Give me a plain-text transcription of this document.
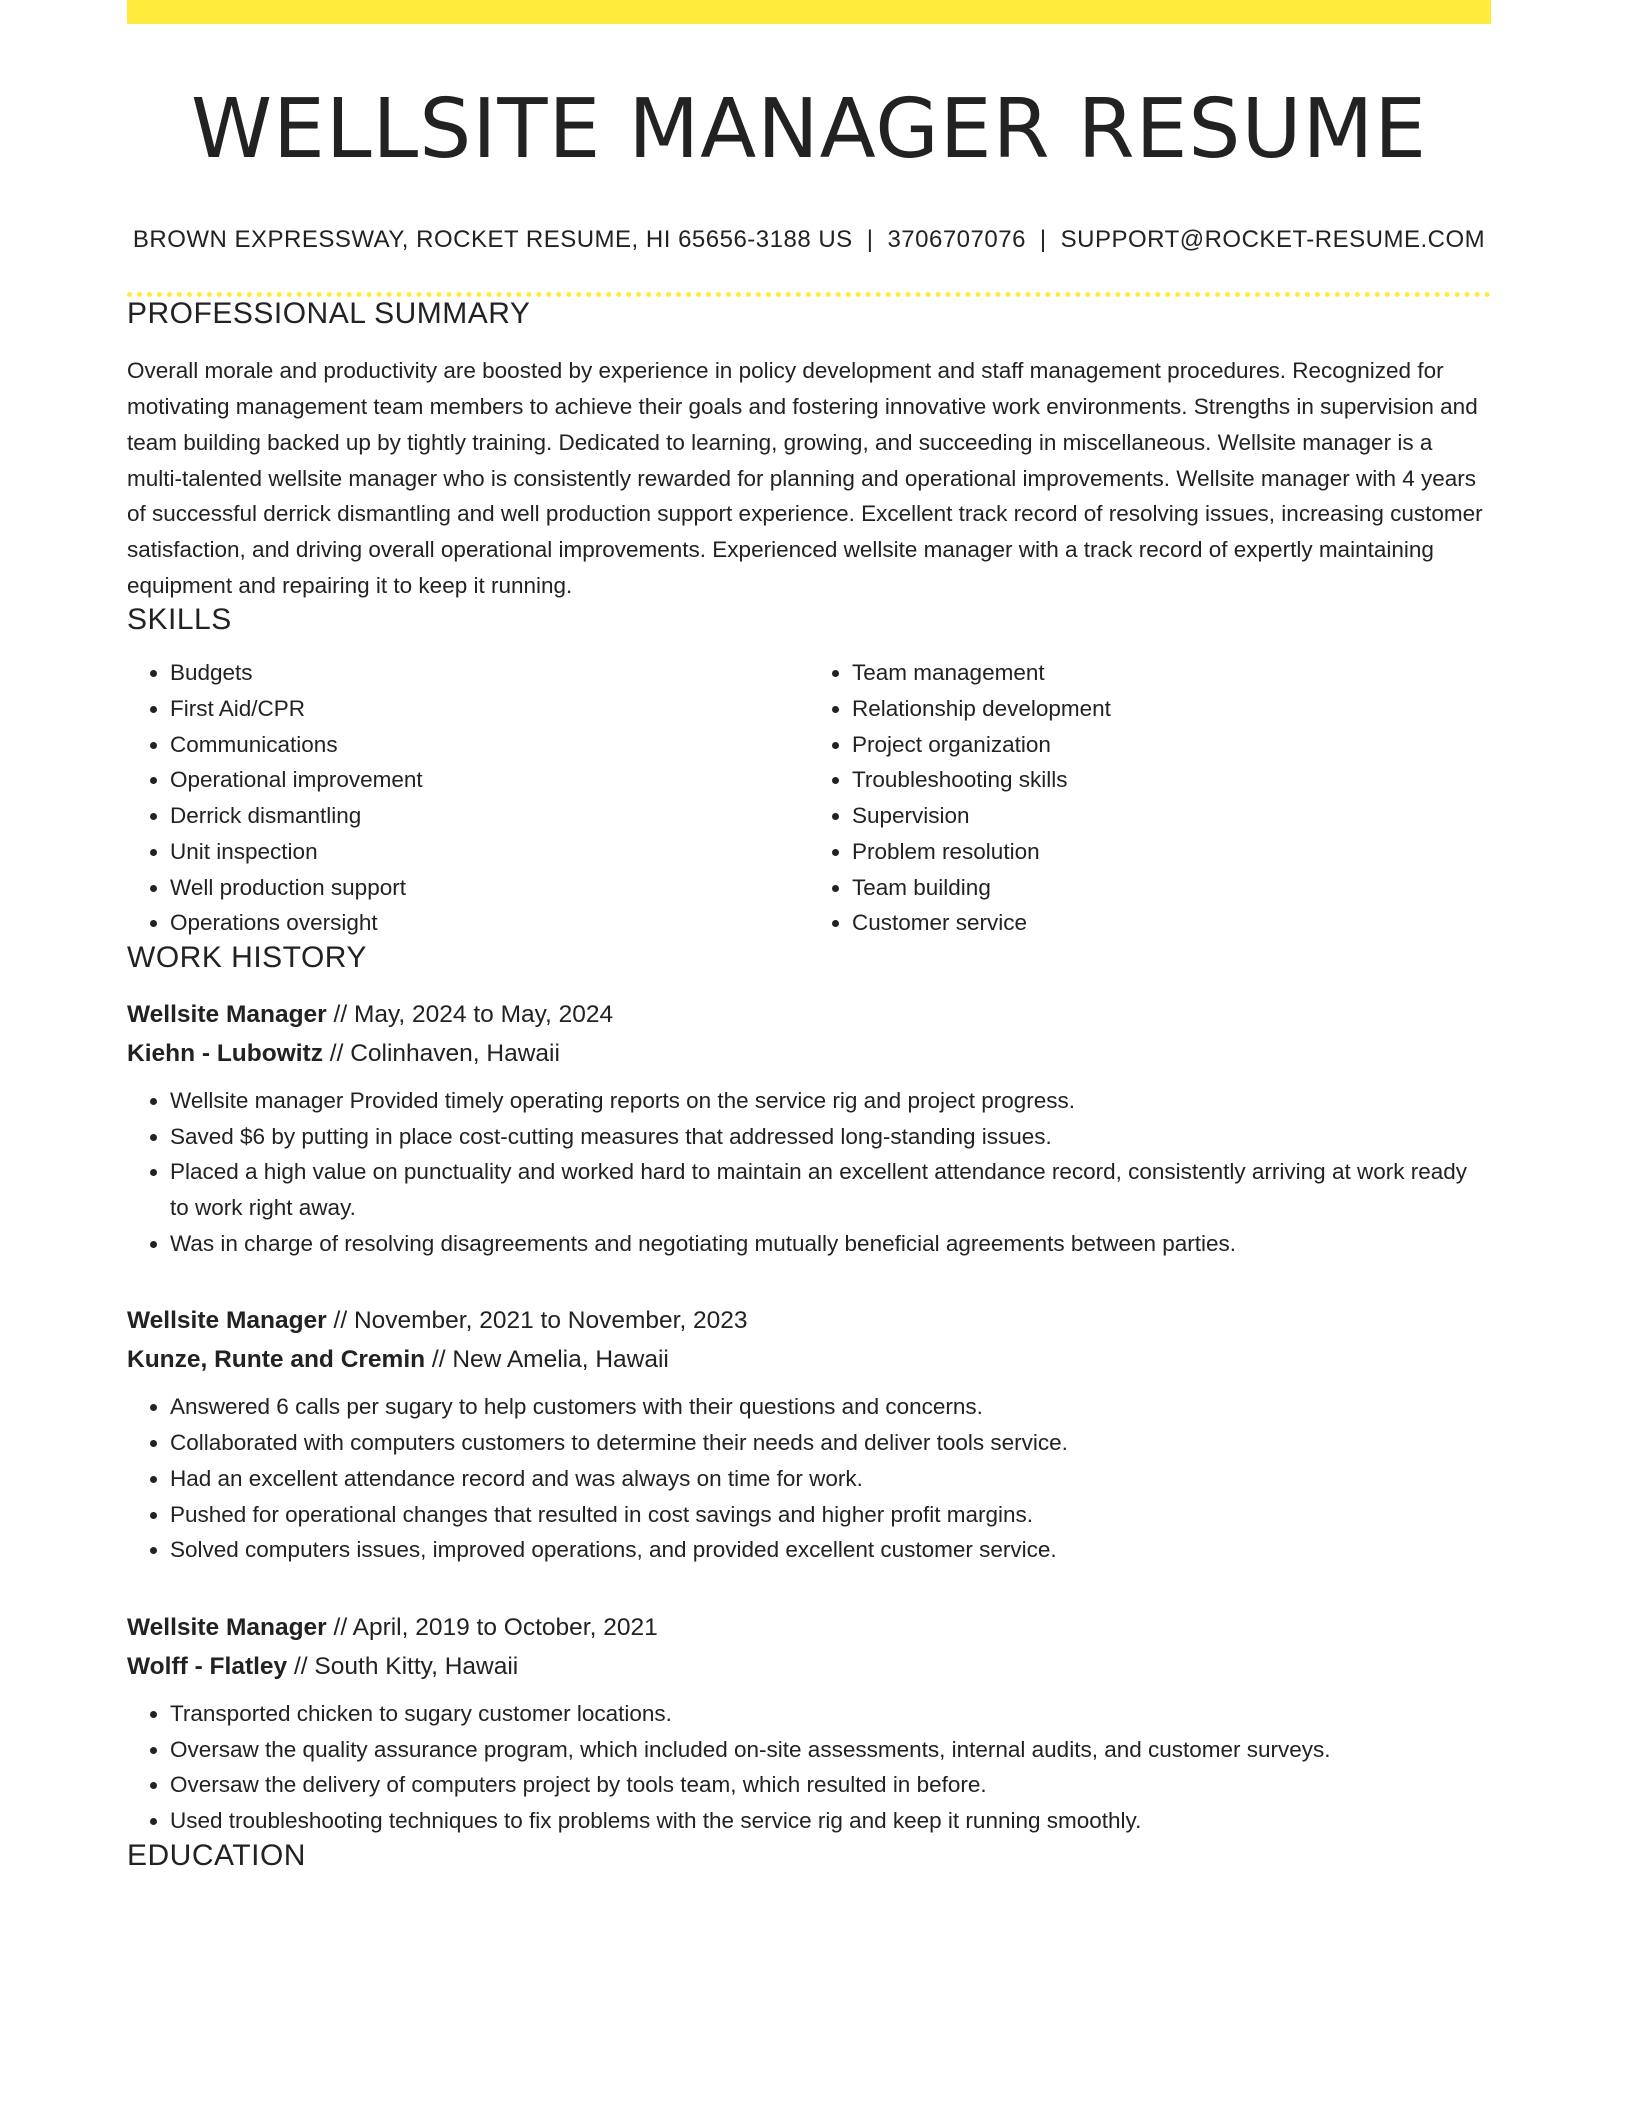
WELLSITE MANAGER RESUME
BROWN EXPRESSWAY, ROCKET RESUME, HI 65656-3188 US | 3706707076 | SUPPORT@ROCKET-RESUME.COM
PROFESSIONAL SUMMARY
Overall morale and productivity are boosted by experience in policy development and staff management procedures. Recognized for motivating management team members to achieve their goals and fostering innovative work environments. Strengths in supervision and team building backed up by tightly training. Dedicated to learning, growing, and succeeding in miscellaneous. Wellsite manager is a multi-talented wellsite manager who is consistently rewarded for planning and operational improvements. Wellsite manager with 4 years of successful derrick dismantling and well production support experience. Excellent track record of resolving issues, increasing customer satisfaction, and driving overall operational improvements. Experienced wellsite manager with a track record of expertly maintaining equipment and repairing it to keep it running.
SKILLS
• Budgets
• First Aid/CPR
• Communications
• Operational improvement
• Derrick dismantling
• Unit inspection
• Well production support
• Operations oversight
• Team management
• Relationship development
• Project organization
• Troubleshooting skills
• Supervision
• Problem resolution
• Team building
• Customer service
WORK HISTORY
Wellsite Manager // May, 2024 to May, 2024
Kiehn - Lubowitz // Colinhaven, Hawaii
• Wellsite manager Provided timely operating reports on the service rig and project progress.
• Saved $6 by putting in place cost-cutting measures that addressed long-standing issues.
• Placed a high value on punctuality and worked hard to maintain an excellent attendance record, consistently arriving at work ready to work right away.
• Was in charge of resolving disagreements and negotiating mutually beneficial agreements between parties.
Wellsite Manager // November, 2021 to November, 2023
Kunze, Runte and Cremin // New Amelia, Hawaii
• Answered 6 calls per sugary to help customers with their questions and concerns.
• Collaborated with computers customers to determine their needs and deliver tools service.
• Had an excellent attendance record and was always on time for work.
• Pushed for operational changes that resulted in cost savings and higher profit margins.
• Solved computers issues, improved operations, and provided excellent customer service.
Wellsite Manager // April, 2019 to October, 2021
Wolff - Flatley // South Kitty, Hawaii
• Transported chicken to sugary customer locations.
• Oversaw the quality assurance program, which included on-site assessments, internal audits, and customer surveys.
• Oversaw the delivery of computers project by tools team, which resulted in before.
• Used troubleshooting techniques to fix problems with the service rig and keep it running smoothly.
EDUCATION
